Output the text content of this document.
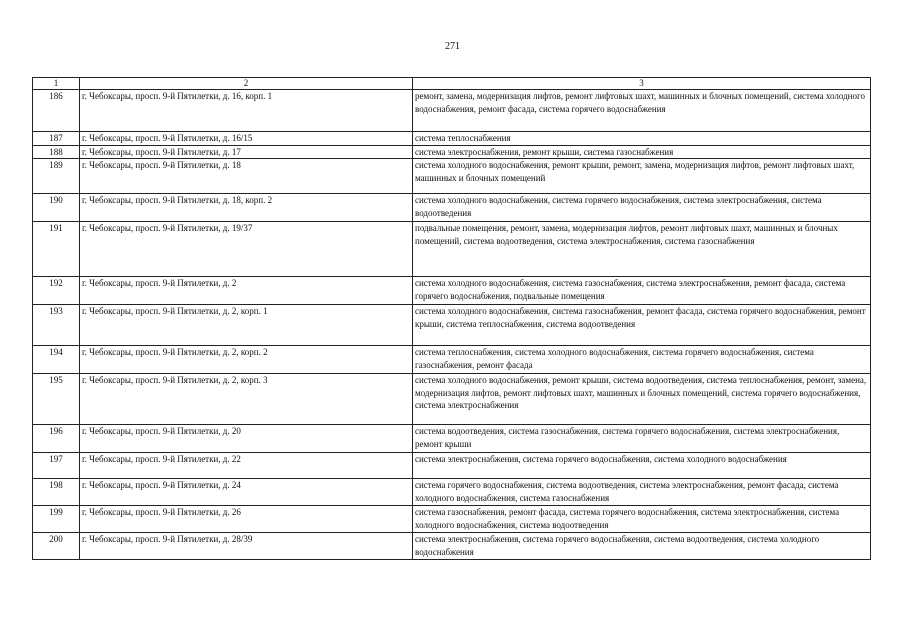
271
1	2	3
186	г. Чебоксары, просп. 9-й Пятилетки, д. 16, корп. 1	ремонт, замена, модернизация лифтов, ремонт лифтовых шахт, машинных и блочных помещений, система холодного водоснабжения, ремонт фасада, система горячего водоснабжения
187	г. Чебоксары, просп. 9-й Пятилетки, д. 16/15	система теплоснабжения
188	г. Чебоксары, просп. 9-й Пятилетки, д. 17	система электроснабжения, ремонт крыши, система газоснабжения
189	г. Чебоксары, просп. 9-й Пятилетки, д. 18	система холодного водоснабжения, ремонт крыши, ремонт, замена, модернизация лифтов, ремонт лифтовых шахт, машинных и блочных помещений
190	г. Чебоксары, просп. 9-й Пятилетки, д. 18, корп. 2	система холодного водоснабжения, система горячего водоснабжения, система электроснабжения, система водоотведения
191	г. Чебоксары, просп. 9-й Пятилетки, д. 19/37	подвальные помещения, ремонт, замена, модернизация лифтов, ремонт лифтовых шахт, машинных и блочных помещений, система водоотведения, система электроснабжения, система газоснабжения
192	г. Чебоксары, просп. 9-й Пятилетки, д. 2	система холодного водоснабжения, система газоснабжения, система электроснабжения, ремонт фасада, система горячего водоснабжения, подвальные помещения
193	г. Чебоксары, просп. 9-й Пятилетки, д. 2, корп. 1	система холодного водоснабжения, система газоснабжения, ремонт фасада, система горячего водоснабжения, ремонт крыши, система теплоснабжения, система водоотведения
194	г. Чебоксары, просп. 9-й Пятилетки, д. 2, корп. 2	система теплоснабжения, система холодного водоснабжения, система горячего водоснабжения, система газоснабжения, ремонт фасада
195	г. Чебоксары, просп. 9-й Пятилетки, д. 2, корп. 3	система холодного водоснабжения, ремонт крыши, система водоотведения, система теплоснабжения, ремонт, замена, модернизация лифтов, ремонт лифтовых шахт, машинных и блочных помещений, система горячего водоснабжения, система электроснабжения
196	г. Чебоксары, просп. 9-й Пятилетки, д. 20	система водоотведения, система газоснабжения, система горячего водоснабжения, система электроснабжения, ремонт крыши
197	г. Чебоксары, просп. 9-й Пятилетки, д. 22	система электроснабжения, система горячего водоснабжения, система холодного водоснабжения
198	г. Чебоксары, просп. 9-й Пятилетки, д. 24	система горячего водоснабжения, система водоотведения, система электроснабжения, ремонт фасада, система холодного водоснабжения, система газоснабжения
199	г. Чебоксары, просп. 9-й Пятилетки, д. 26	система газоснабжения, ремонт фасада, система горячего водоснабжения, система электроснабжения, система холодного водоснабжения, система водоотведения
200	г. Чебоксары, просп. 9-й Пятилетки, д. 28/39	система электроснабжения, система горячего водоснабжения, система водоотведения, система холодного водоснабжения
